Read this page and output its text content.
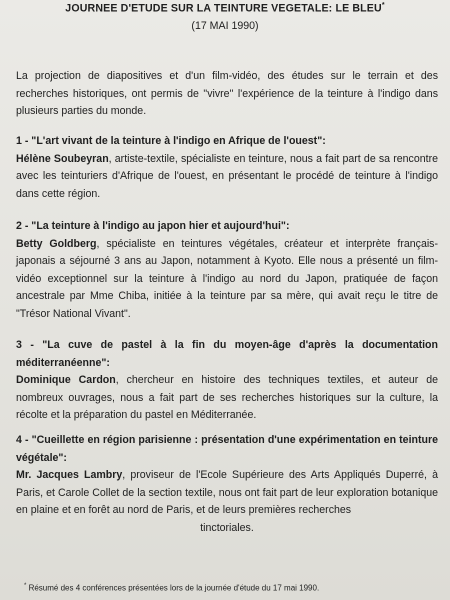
JOURNEE D'ETUDE SUR LA TEINTURE VEGETALE: LE BLEU*
(17 MAI 1990)
La projection de diapositives et d'un film-vidéo, des études sur le terrain et des recherches historiques, ont permis de "vivre" l'expérience de la teinture à l'indigo dans plusieurs parties du monde.
1 - "L'art vivant de la teinture à l'indigo en Afrique de l'ouest":
Hélène Soubeyran, artiste-textile, spécialiste en teinture, nous a fait part de sa rencontre avec les teinturiers d'Afrique de l'ouest, en présentant le procédé de teinture à l'indigo dans cette région.
2 - "La teinture à l'indigo au japon hier et aujourd'hui":
Betty Goldberg, spécialiste en teintures végétales, créateur et interprète français-japonais a séjourné 3 ans au Japon, notamment à Kyoto. Elle nous a présenté un film-vidéo exceptionnel sur la teinture à l'indigo au nord du Japon, pratiquée de façon ancestrale par Mme Chiba, initiée à la teinture par sa mère, qui avait reçu le titre de "Trésor National Vivant".
3 - "La cuve de pastel à la fin du moyen-âge d'après la documentation méditerranéenne":
Dominique Cardon, chercheur en histoire des techniques textiles, et auteur de nombreux ouvrages, nous a fait part de ses recherches historiques sur la culture, la récolte et la préparation du pastel en Méditerranée.
4 - "Cueillette en région parisienne : présentation d'une expérimentation en teinture végétale":
Mr. Jacques Lambry, proviseur de l'Ecole Supérieure des Arts Appliqués Duperré, à Paris, et Carole Collet de la section textile, nous ont fait part de leur exploration botanique en plaine et en forêt au nord de Paris, et de leurs premières recherches
tinctoriales.
* Résumé des 4 conférences présentées lors de la journée d'étude du 17 mai 1990.
